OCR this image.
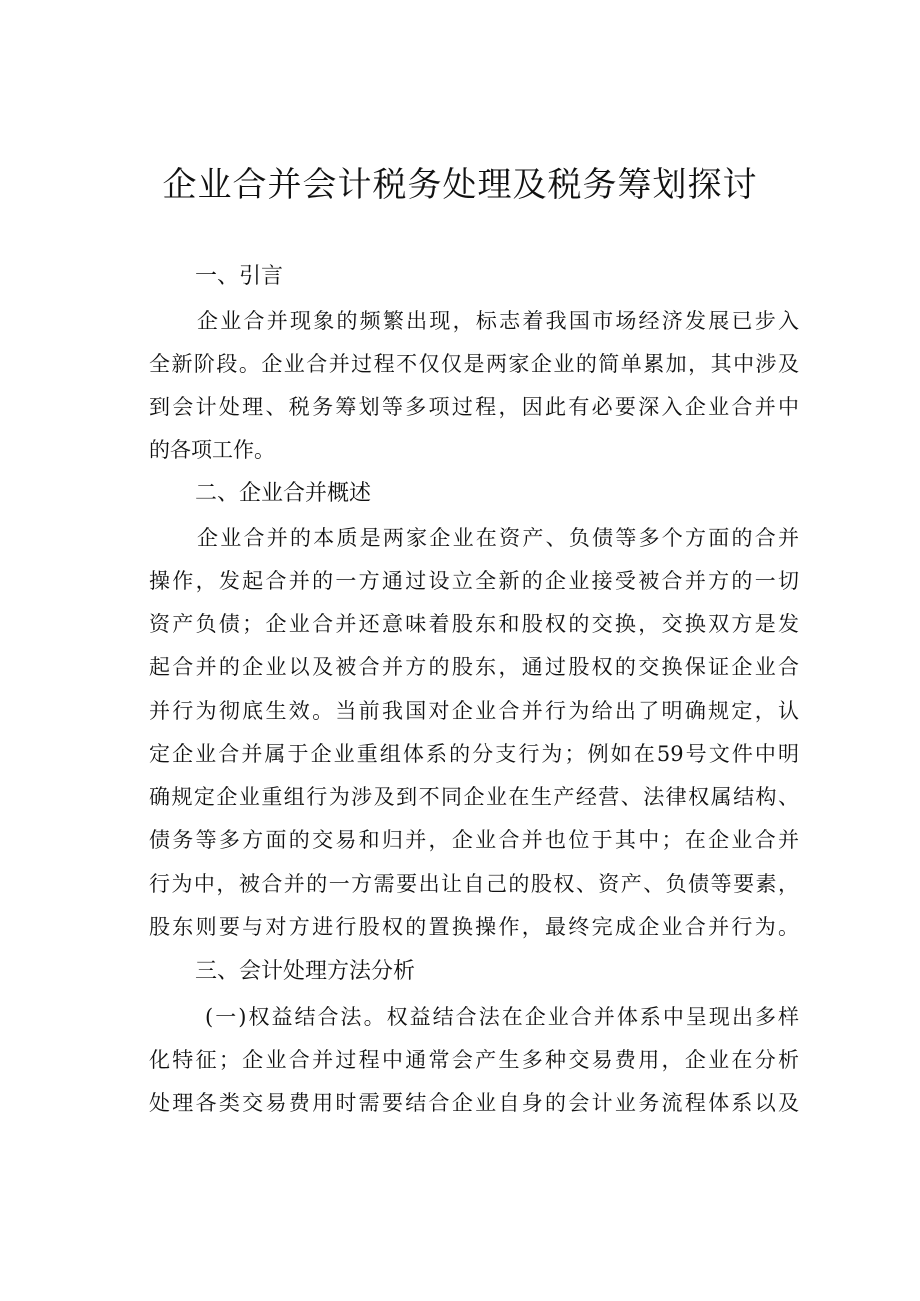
企业合并会计税务处理及税务筹划探讨
一、引言
企业合并现象的频繁出现，标志着我国市场经济发展已步入
全新阶段。企业合并过程不仅仅是两家企业的简单累加，其中涉及
到会计处理、税务筹划等多项过程，因此有必要深入企业合并中
的各项工作。
二、企业合并概述
企业合并的本质是两家企业在资产、负债等多个方面的合并
操作，发起合并的一方通过设立全新的企业接受被合并方的一切
资产负债；企业合并还意味着股东和股权的交换，交换双方是发
起合并的企业以及被合并方的股东，通过股权的交换保证企业合
并行为彻底生效。当前我国对企业合并行为给出了明确规定，认
定企业合并属于企业重组体系的分支行为；例如在59号文件中明
确规定企业重组行为涉及到不同企业在生产经营、法律权属结构、
债务等多方面的交易和归并，企业合并也位于其中；在企业合并
行为中，被合并的一方需要出让自己的股权、资产、负债等要素，
股东则要与对方进行股权的置换操作，最终完成企业合并行为。
三、会计处理方法分析
(一)权益结合法。权益结合法在企业合并体系中呈现出多样
化特征；企业合并过程中通常会产生多种交易费用，企业在分析
处理各类交易费用时需要结合企业自身的会计业务流程体系以及
